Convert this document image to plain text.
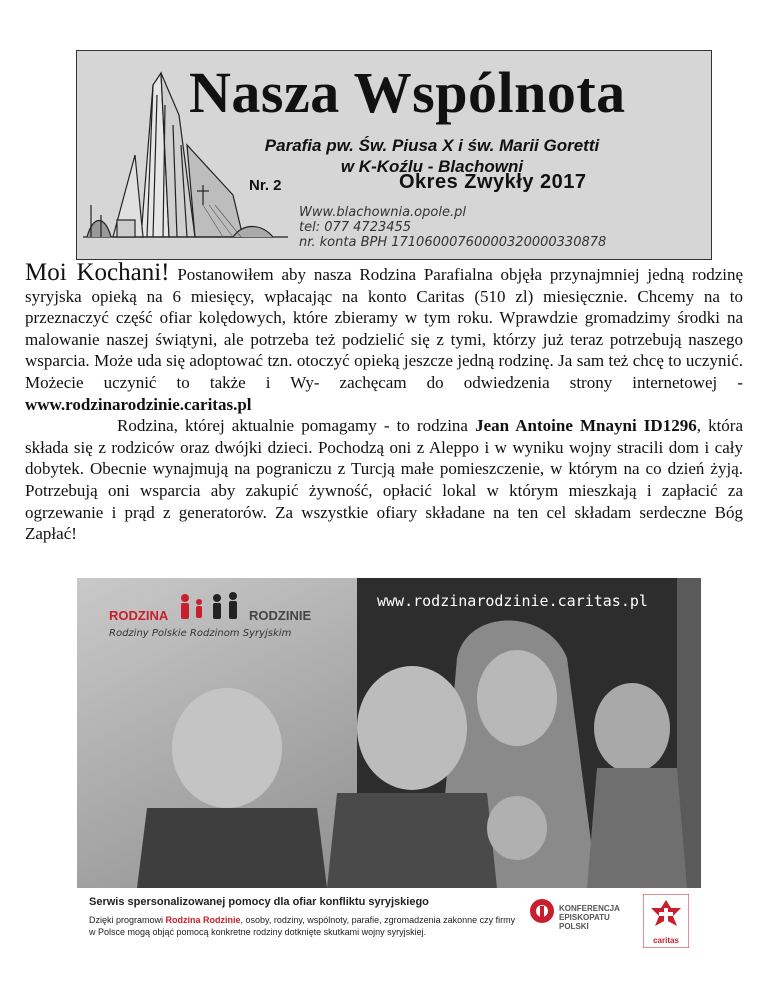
Nasza Wspólnota
Parafia pw. Św. Piusa X i św. Marii Goretti
w K-Koźlu - Blachowni
Nr. 2	Okres Zwykły 2017
Www.blachownia.opole.pl
tel: 077 4723455
nr. konta BPH 17106000760000320000330878

Moi Kochani! Postanowiłem aby nasza Rodzina Parafialna objęła przynajmniej jedną rodzinę syryjska opieką na 6 miesięcy, wpłacając na konto Caritas (510 zl) miesięcznie. Chcemy na to przeznaczyć część ofiar kolędowych, które zbieramy w tym roku. Wprawdzie gromadzimy środki na malowanie naszej świątyni, ale potrzeba też podzielić się z tymi, którzy już teraz potrzebują naszego wsparcia. Może uda się adoptować tzn. otoczyć opieką jeszcze jedną rodzinę. Ja sam też chcę to uczynić. Możecie uczynić to także i Wy- zachęcam do odwiedzenia strony internetowej - www.rodzinarodzinie.caritas.pl

Rodzina, której aktualnie pomagamy - to rodzina Jean Antoine Mnayni ID1296, która składa się z rodziców oraz dwójki dzieci. Pochodzą oni z Aleppo i w wyniku wojny stracili dom i cały dobytek. Obecnie wynajmują na pograniczu z Turcją małe pomieszczenie, w którym na co dzień żyją. Potrzebują oni wsparcia aby zakupić żywność, opłacić lokal w którym mieszkają i zapłacić za ogrzewanie i prąd z generatorów. Za wszystkie ofiary składane na ten cel składam serdeczne Bóg Zapłać!

RODZINA	RODZINIE
Rodziny Polskie Rodzinom Syryjskim
www.rodzinarodzinie.caritas.pl
Serwis spersonalizowanej pomocy dla ofiar konfliktu syryjskiego
Dzięki programowi Rodzina Rodzinie, osoby, rodziny, wspólnoty, parafie, zgromadzenia zakonne czy firmy w Polsce mogą objąć pomocą konkretne rodziny dotknięte skutkami wojny syryjskiej.
KONFERENCJA
EPISKOPATU
POLSKI
caritas
